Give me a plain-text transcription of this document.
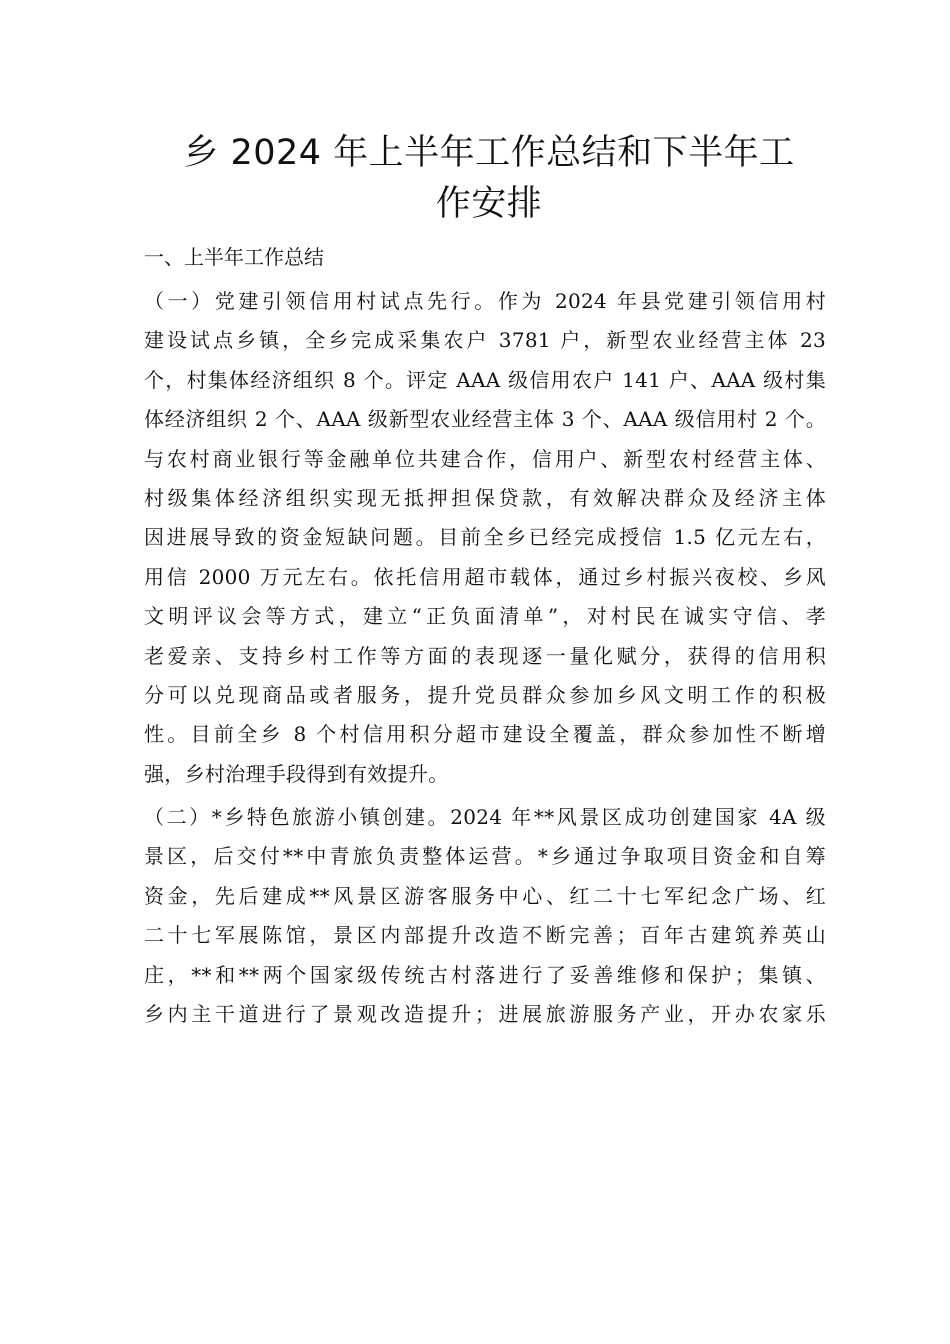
乡 2024 年上半年工作总结和下半年工
作安排
一、上半年工作总结
（一）党建引领信用村试点先行。作为 2024 年县党建引领信用村
建设试点乡镇，全乡完成采集农户 3781 户，新型农业经营主体 23
个，村集体经济组织 8 个。评定 AAA 级信用农户 141 户、AAA 级村集
体经济组织 2 个、AAA 级新型农业经营主体 3 个、AAA 级信用村 2 个。
与农村商业银行等金融单位共建合作，信用户、新型农村经营主体、
村级集体经济组织实现无抵押担保贷款，有效解决群众及经济主体
因进展导致的资金短缺问题。目前全乡已经完成授信 1.5 亿元左右，
用信 2000 万元左右。依托信用超市载体，通过乡村振兴夜校、乡风
文明评议会等方式，建立“正负面清单”，对村民在诚实守信、孝
老爱亲、支持乡村工作等方面的表现逐一量化赋分，获得的信用积
分可以兑现商品或者服务，提升党员群众参加乡风文明工作的积极
性。目前全乡 8 个村信用积分超市建设全覆盖，群众参加性不断增
强，乡村治理手段得到有效提升。
（二）*乡特色旅游小镇创建。2024 年**风景区成功创建国家 4A 级
景区，后交付**中青旅负责整体运营。*乡通过争取项目资金和自筹
资金，先后建成**风景区游客服务中心、红二十七军纪念广场、红
二十七军展陈馆，景区内部提升改造不断完善；百年古建筑养英山
庄，**和**两个国家级传统古村落进行了妥善维修和保护；集镇、
乡内主干道进行了景观改造提升；进展旅游服务产业，开办农家乐
